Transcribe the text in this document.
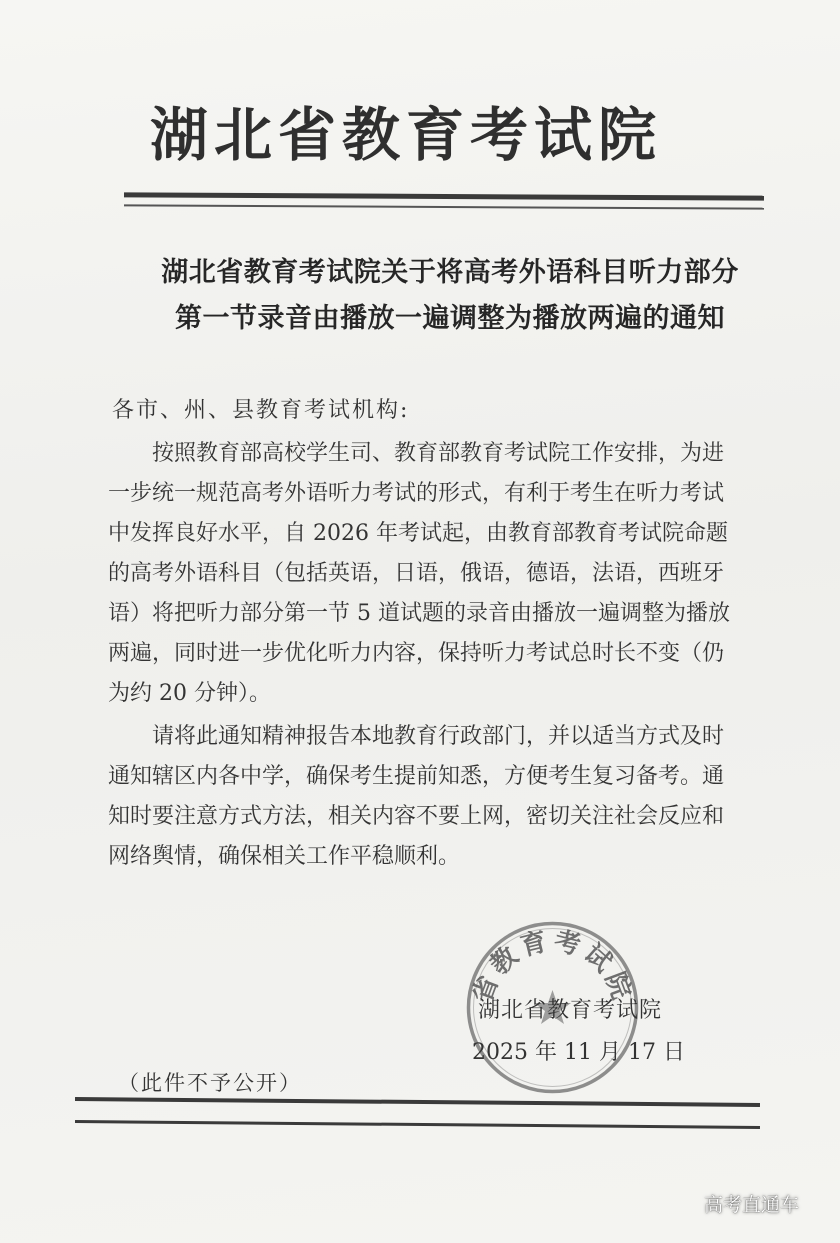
湖北省教育考试院
湖北省教育考试院关于将高考外语科目听力部分
第一节录音由播放一遍调整为播放两遍的通知
各市、州、县教育考试机构:
　　按照教育部高校学生司、教育部教育考试院工作安排，为进
一步统一规范高考外语听力考试的形式，有利于考生在听力考试
中发挥良好水平，自 2026 年考试起，由教育部教育考试院命题
的高考外语科目（包括英语，日语，俄语，德语，法语，西班牙
语）将把听力部分第一节 5 道试题的录音由播放一遍调整为播放
两遍，同时进一步优化听力内容，保持听力考试总时长不变（仍
为约 20 分钟）。
　　请将此通知精神报告本地教育行政部门，并以适当方式及时
通知辖区内各中学，确保考生提前知悉，方便考生复习备考。通
知时要注意方式方法，相关内容不要上网，密切关注社会反应和
网络舆情，确保相关工作平稳顺利。
省教育考试院
湖北省教育考试院
2025 年 11 月 17 日
（此件不予公开）
高考直通车
